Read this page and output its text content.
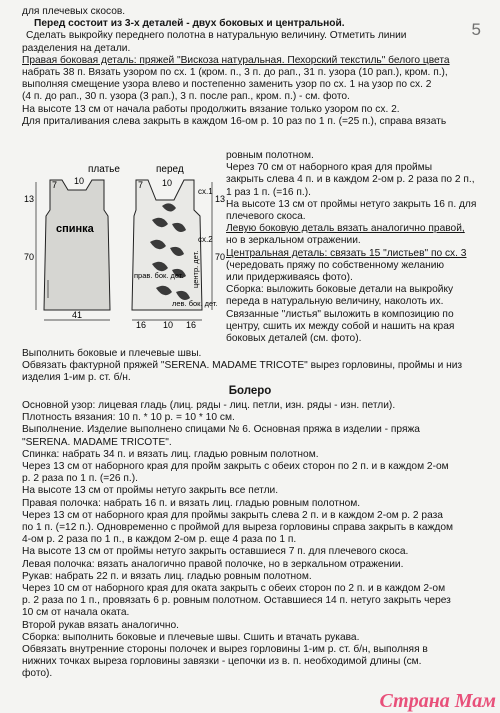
5

для плечевых скосов.

Перед состоит из 3-х деталей - двух боковых и центральной.

Сделать выкройку переднего полотна в натуральную величину. Отметить линии

разделения на детали.

Правая боковая деталь: пряжей "Вискоза натуральная. Пехорский текстиль" белого цвета

набрать 38 п. Вязать узором по сх. 1 (кром. п., 3 п. до рап., 31 п. узора (10 рап.), кром. п.),

выполняя смещение узора влево и постепенно заменить узор по сх. 1 на узор по сх. 2

(4 п. до рап., 30 п. узора (3 рап.), 3 п. после рап., кром. п.) - см. фото.

На высоте 13 см от начала работы продолжить вязание только узором по сх. 2.

Для приталивания слева закрыть в каждом 16-ом р. 10 раз по 1 п. (=25 п.), справа вязать

платье
спинка
13
70
7 10
41
перед
сх.1
сх.2
центр. дет.
прав. бок. дет.
лев. бок. дет.
16 10 16
7 10
13
70

ровным полотном.

Через 70 см от наборного края для проймы

закрыть слева 4 п. и в каждом 2-ом р. 2 раза по 2 п.,

1 раз 1 п. (=16 п.).

На высоте 13 см от проймы нетугo закрыть 16 п. для

плечевого скоса.

Левую боковую деталь вязать аналогично правой,

но в зеркальном отражении.

Центральная деталь: связать 15 "листьев" по сх. 3

(чередовать пряжу по собственному желанию

или придерживаясь фото).

Сборка: выложить боковые детали на выкройку

переда в натуральную величину, наколоть их.

Связанные "листья" выложить в композицию по

центру, сшить их между собой и нашить на края

боковых деталей (см. фото).

Выполнить боковые и плечевые швы.

Обвязать фактурной пряжей "SERENA. MADAME TRICOTE" вырез горловины, проймы и низ

изделия 1-им р. ст. б/н.

Болеро

Основной узор: лицевая гладь (лиц. ряды - лиц. петли, изн. ряды - изн. петли).

Плотность вязания: 10 п. * 10 р. = 10 * 10 см.

Выполнение. Изделие выполнено спицами № 6. Основная пряжа в изделии - пряжа

"SERENA. MADAME TRICOTE".

Спинка: набрать 34 п. и вязать лиц. гладью ровным полотном.

Через 13 см от наборного края для пройм закрыть с обеих сторон по 2 п. и в каждом 2-ом

р. 2 раза по 1 п. (=26 п.).

На высоте 13 см от проймы нетуго закрыть все петли.

Правая полочка: набрать 16 п. и вязать лиц. гладью ровным полотном.

Через 13 см от наборного края для проймы закрыть слева 2 п. и в каждом 2-ом р. 2 раза

по 1 п. (=12 п.). Одновременно с проймой для выреза горловины справа закрыть в каждом

4-ом р. 2 раза по 1 п., в каждом 2-ом р. еще 4 раза по 1 п.

На высоте 13 см от проймы нетуго закрыть оставшиеся 7 п. для плечевого скоса.

Левая полочка: вязать аналогично правой полочке, но в зеркальном отражении.

Рукав: набрать 22 п. и вязать лиц. гладью ровным полотном.

Через 10 см от наборного края для оката закрыть с обеих сторон по 2 п. и в каждом 2-ом

р. 2 раза по 1 п., провязать 6 р. ровным полотном. Оставшиеся 14 п. нетуго закрыть через

10 см от начала оката.

Второй рукав вязать аналогично.

Сборка: выполнить боковые и плечевые швы. Сшить и втачать рукава.

Обвязать внутренние стороны полочек и вырез горловины 1-им р. ст. б/н, выполняя в

нижних точках выреза горловины завязки - цепочки из в. п. необходимой длины (см.

фото).

Страна Мам
